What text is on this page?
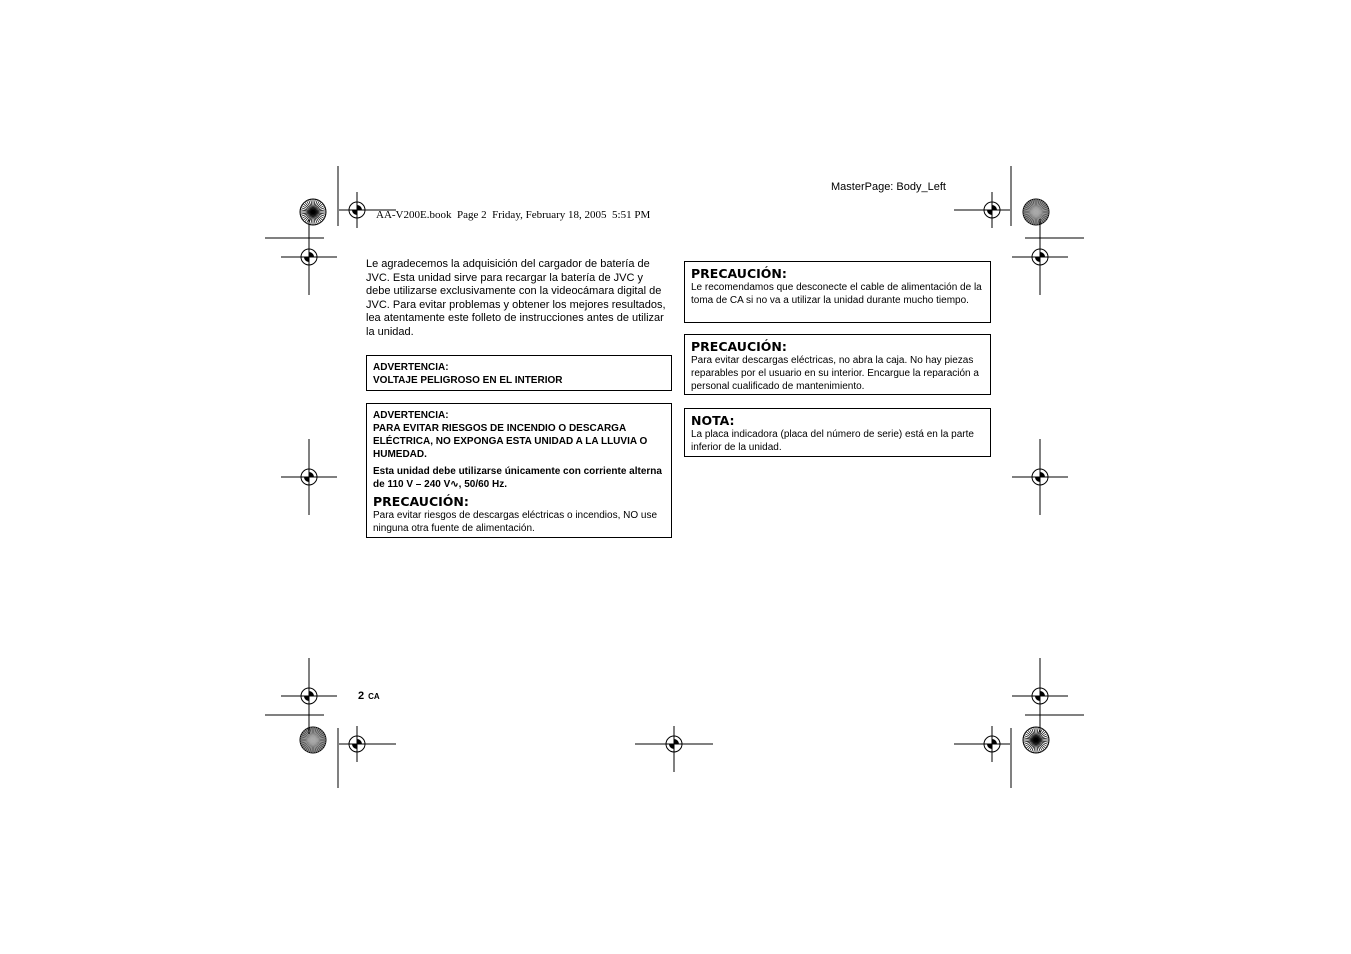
MasterPage: Body_Left
AA-V200E.book  Page 2  Friday, February 18, 2005  5:51 PM
Le agradecemos la adquisición del cargador de batería de JVC. Esta unidad sirve para recargar la batería de JVC y debe utilizarse exclusivamente con la videocámara digital de JVC. Para evitar problemas y obtener los mejores resultados, lea atentamente este folleto de instrucciones antes de utilizar la unidad.
ADVERTENCIA:
VOLTAJE PELIGROSO EN EL INTERIOR
ADVERTENCIA:
PARA EVITAR RIESGOS DE INCENDIO O DESCARGA ELÉCTRICA, NO EXPONGA ESTA UNIDAD A LA LLUVIA O HUMEDAD.
Esta unidad debe utilizarse únicamente con corriente alterna de 110 V – 240 V∿, 50/60 Hz.
PRECAUCIÓN:
Para evitar riesgos de descargas eléctricas o incendios, NO use ninguna otra fuente de alimentación.
PRECAUCIÓN:
Le recomendamos que desconecte el cable de alimentación de la toma de CA si no va a utilizar la unidad durante mucho tiempo.
PRECAUCIÓN:
Para evitar descargas eléctricas, no abra la caja. No hay piezas reparables por el usuario en su interior. Encargue la reparación a personal cualificado de mantenimiento.
NOTA:
La placa indicadora (placa del número de serie) está en la parte inferior de la unidad.
2 CA
